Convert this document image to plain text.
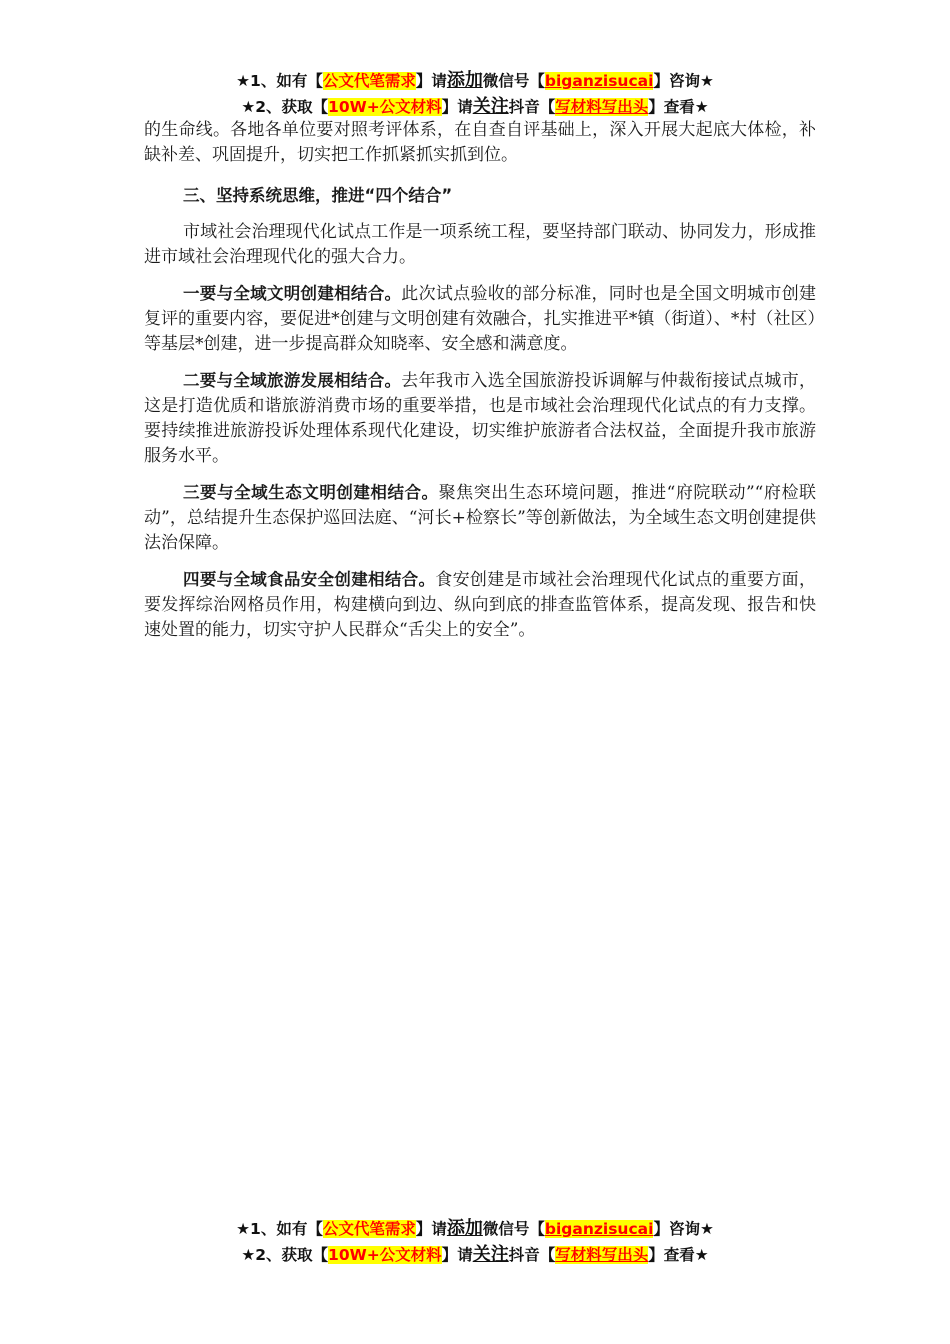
★1、如有【公文代笔需求】请添加微信号【biganzisucai】咨询★
★2、获取【10W+公文材料】请关注抖音【写材料写出头】查看★

的生命线。各地各单位要对照考评体系，在自查自评基础上，深入开展大起底大体检，补缺补差、巩固提升，切实把工作抓紧抓实抓到位。

三、坚持系统思维，推进“四个结合”

市域社会治理现代化试点工作是一项系统工程，要坚持部门联动、协同发力，形成推进市域社会治理现代化的强大合力。

一要与全域文明创建相结合。此次试点验收的部分标准，同时也是全国文明城市创建复评的重要内容，要促进*创建与文明创建有效融合，扎实推进平*镇（街道）、*村（社区）等基层*创建，进一步提高群众知晓率、安全感和满意度。

二要与全域旅游发展相结合。去年我市入选全国旅游投诉调解与仲裁衔接试点城市，这是打造优质和谐旅游消费市场的重要举措，也是市域社会治理现代化试点的有力支撑。要持续推进旅游投诉处理体系现代化建设，切实维护旅游者合法权益，全面提升我市旅游服务水平。

三要与全域生态文明创建相结合。聚焦突出生态环境问题，推进“府院联动”“府检联动”，总结提升生态保护巡回法庭、“河长+检察长”等创新做法，为全域生态文明创建提供法治保障。

四要与全域食品安全创建相结合。食安创建是市域社会治理现代化试点的重要方面，要发挥综治网格员作用，构建横向到边、纵向到底的排查监管体系，提高发现、报告和快速处置的能力，切实守护人民群众“舌尖上的安全”。

★1、如有【公文代笔需求】请添加微信号【biganzisucai】咨询★
★2、获取【10W+公文材料】请关注抖音【写材料写出头】查看★
